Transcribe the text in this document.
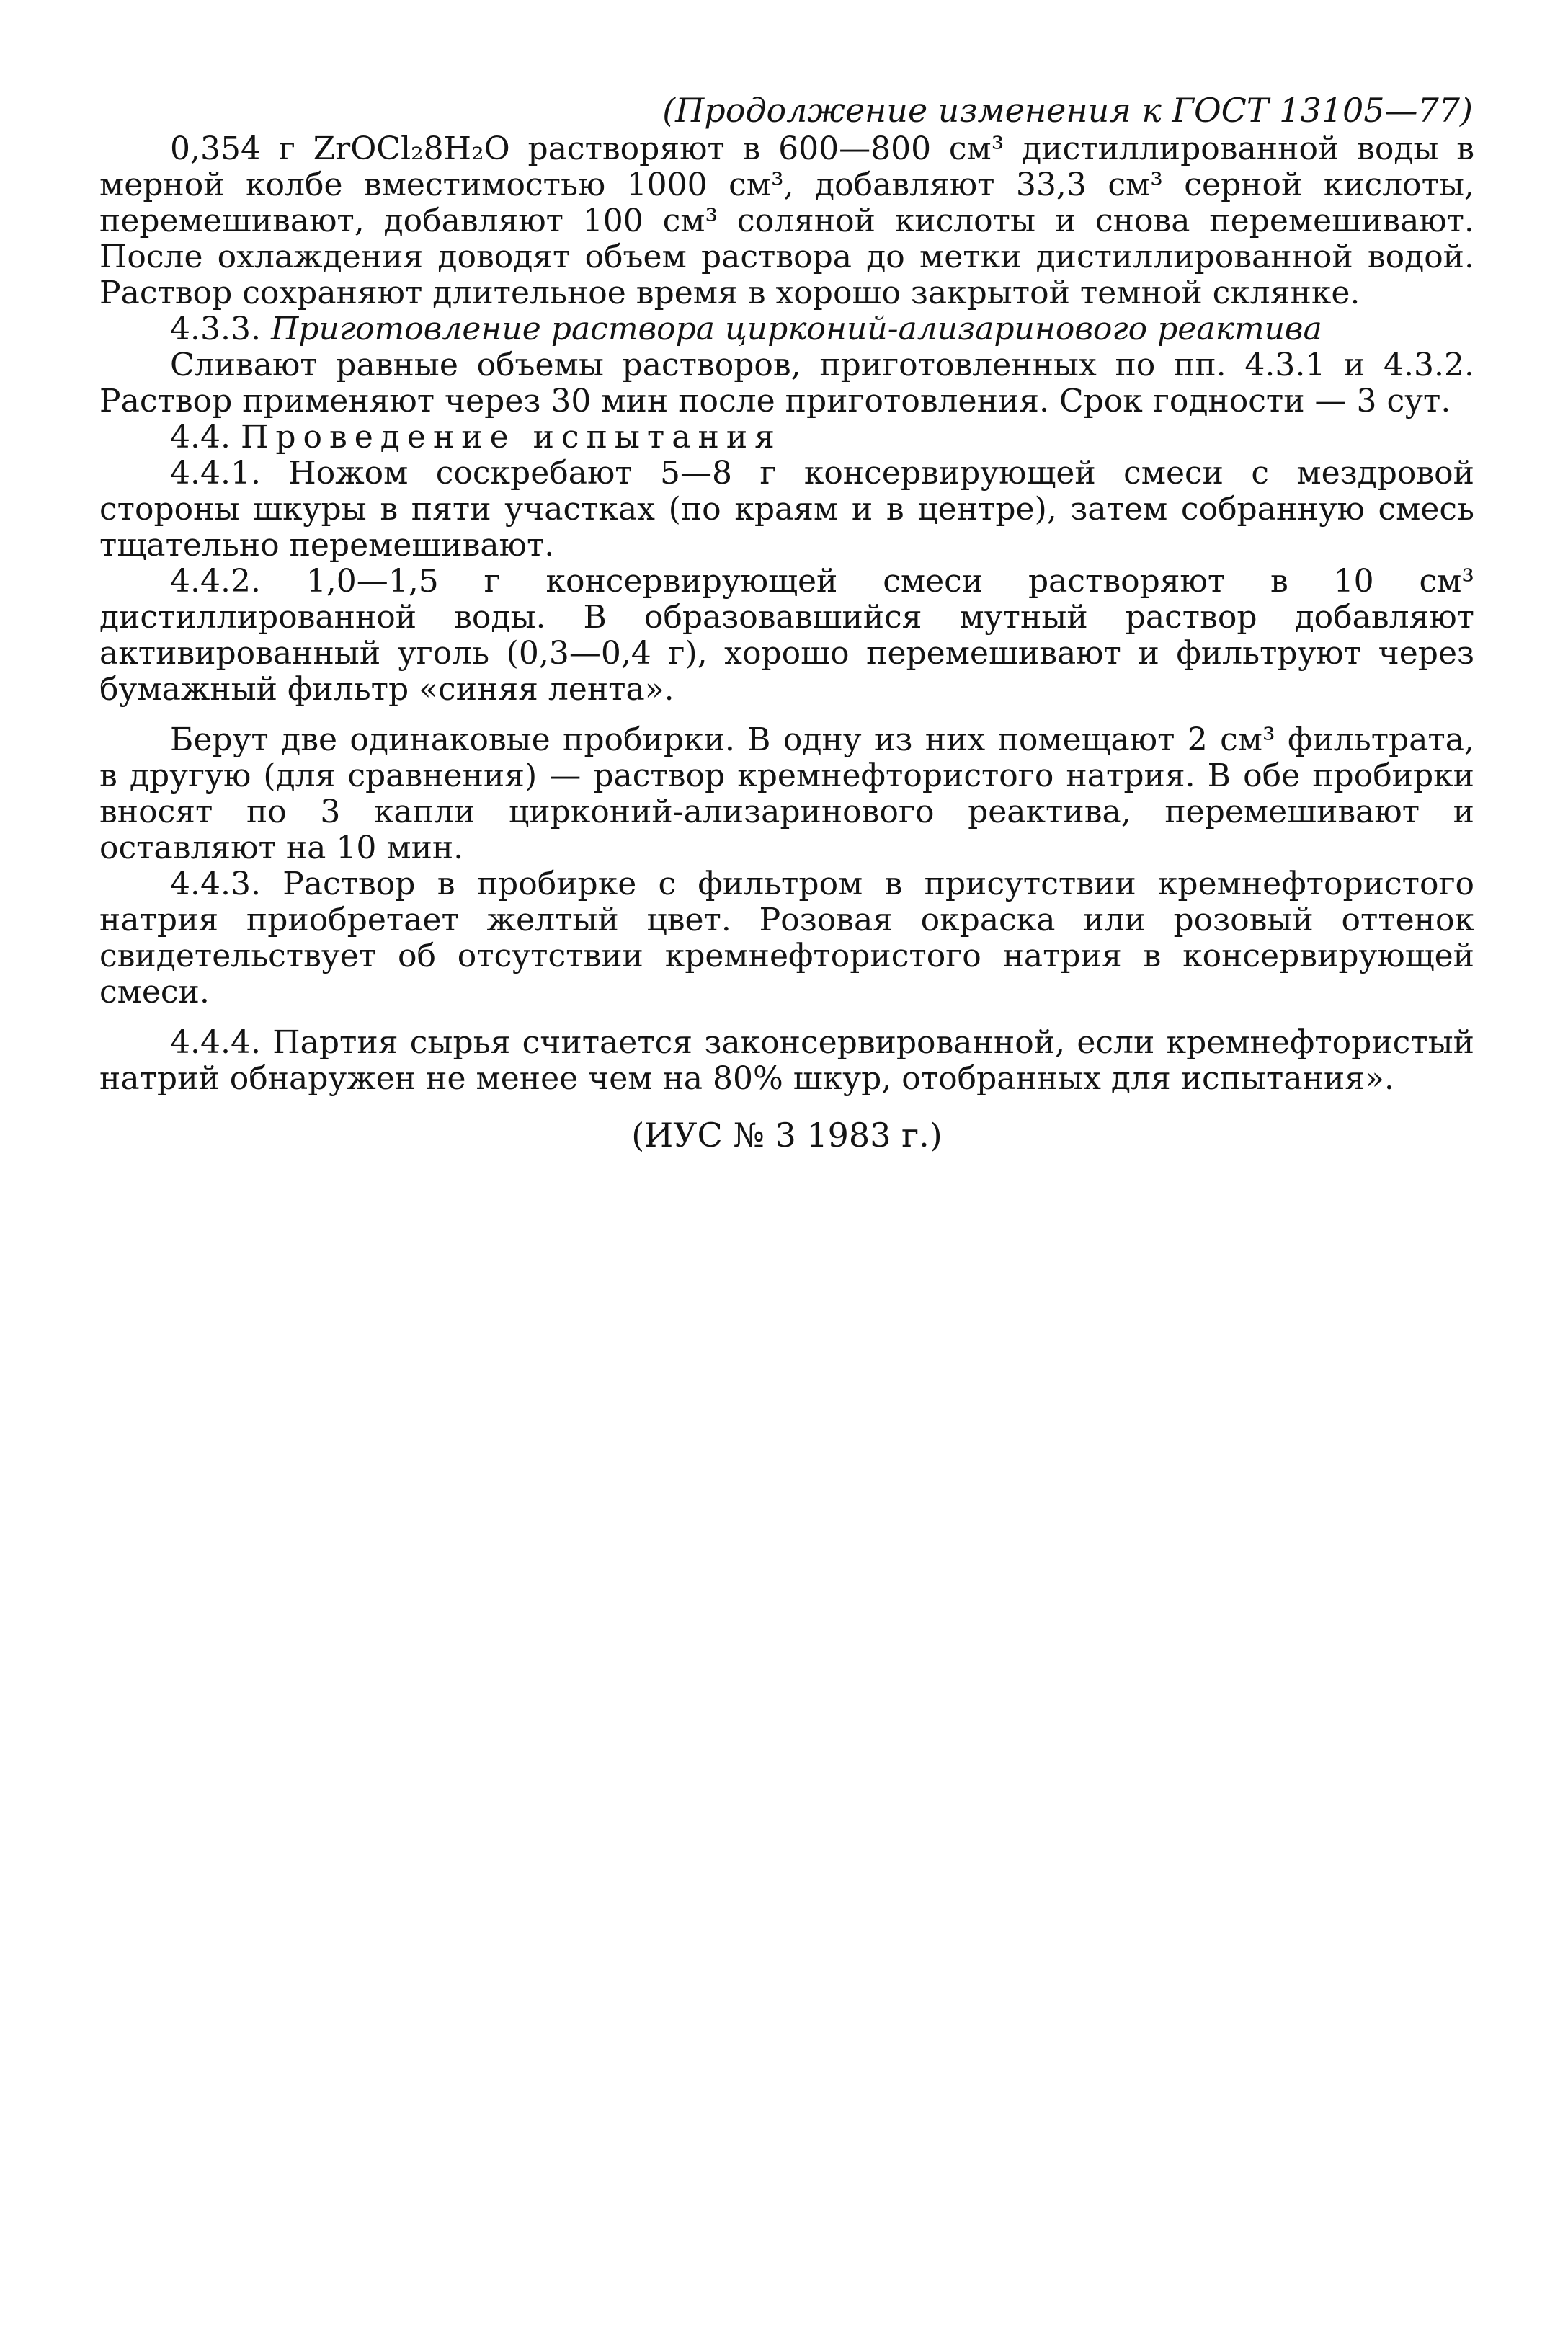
(Продолжение изменения к ГОСТ 13105—77)

0,354 г ZrOCl₂8H₂O растворяют в 600—800 см³ дистиллированной воды в мерной колбе вместимостью 1000 см³, добавляют 33,3 см³ серной кислоты, перемешивают, добавляют 100 см³ соляной кислоты и снова перемешивают. После охлаждения доводят объем раствора до метки дистиллированной водой. Раствор сохраняют длительное время в хорошо закрытой темной склянке.

4.3.3. Приготовление раствора цирконий-ализаринового реактива

Сливают равные объемы растворов, приготовленных по пп. 4.3.1 и 4.3.2. Раствор применяют через 30 мин после приготовления. Срок годности — 3 сут.

4.4. Проведение испытания

4.4.1. Ножом соскребают 5—8 г консервирующей смеси с мездровой стороны шкуры в пяти участках (по краям и в центре), затем собранную смесь тщательно перемешивают.

4.4.2. 1,0—1,5 г консервирующей смеси растворяют в 10 см³ дистиллированной воды. В образовавшийся мутный раствор добавляют активированный уголь (0,3—0,4 г), хорошо перемешивают и фильтруют через бумажный фильтр «синяя лента».

Берут две одинаковые пробирки. В одну из них помещают 2 см³ фильтрата, в другую (для сравнения) — раствор кремнефтористого натрия. В обе пробирки вносят по 3 капли цирконий-ализаринового реактива, перемешивают и оставляют на 10 мин.

4.4.3. Раствор в пробирке с фильтром в присутствии кремнефтористого натрия приобретает желтый цвет. Розовая окраска или розовый оттенок свидетельствует об отсутствии кремнефтористого натрия в консервирующей смеси.

4.4.4. Партия сырья считается законсервированной, если кремнефтористый натрий обнаружен не менее чем на 80% шкур, отобранных для испытания».

(ИУС № 3 1983 г.)
